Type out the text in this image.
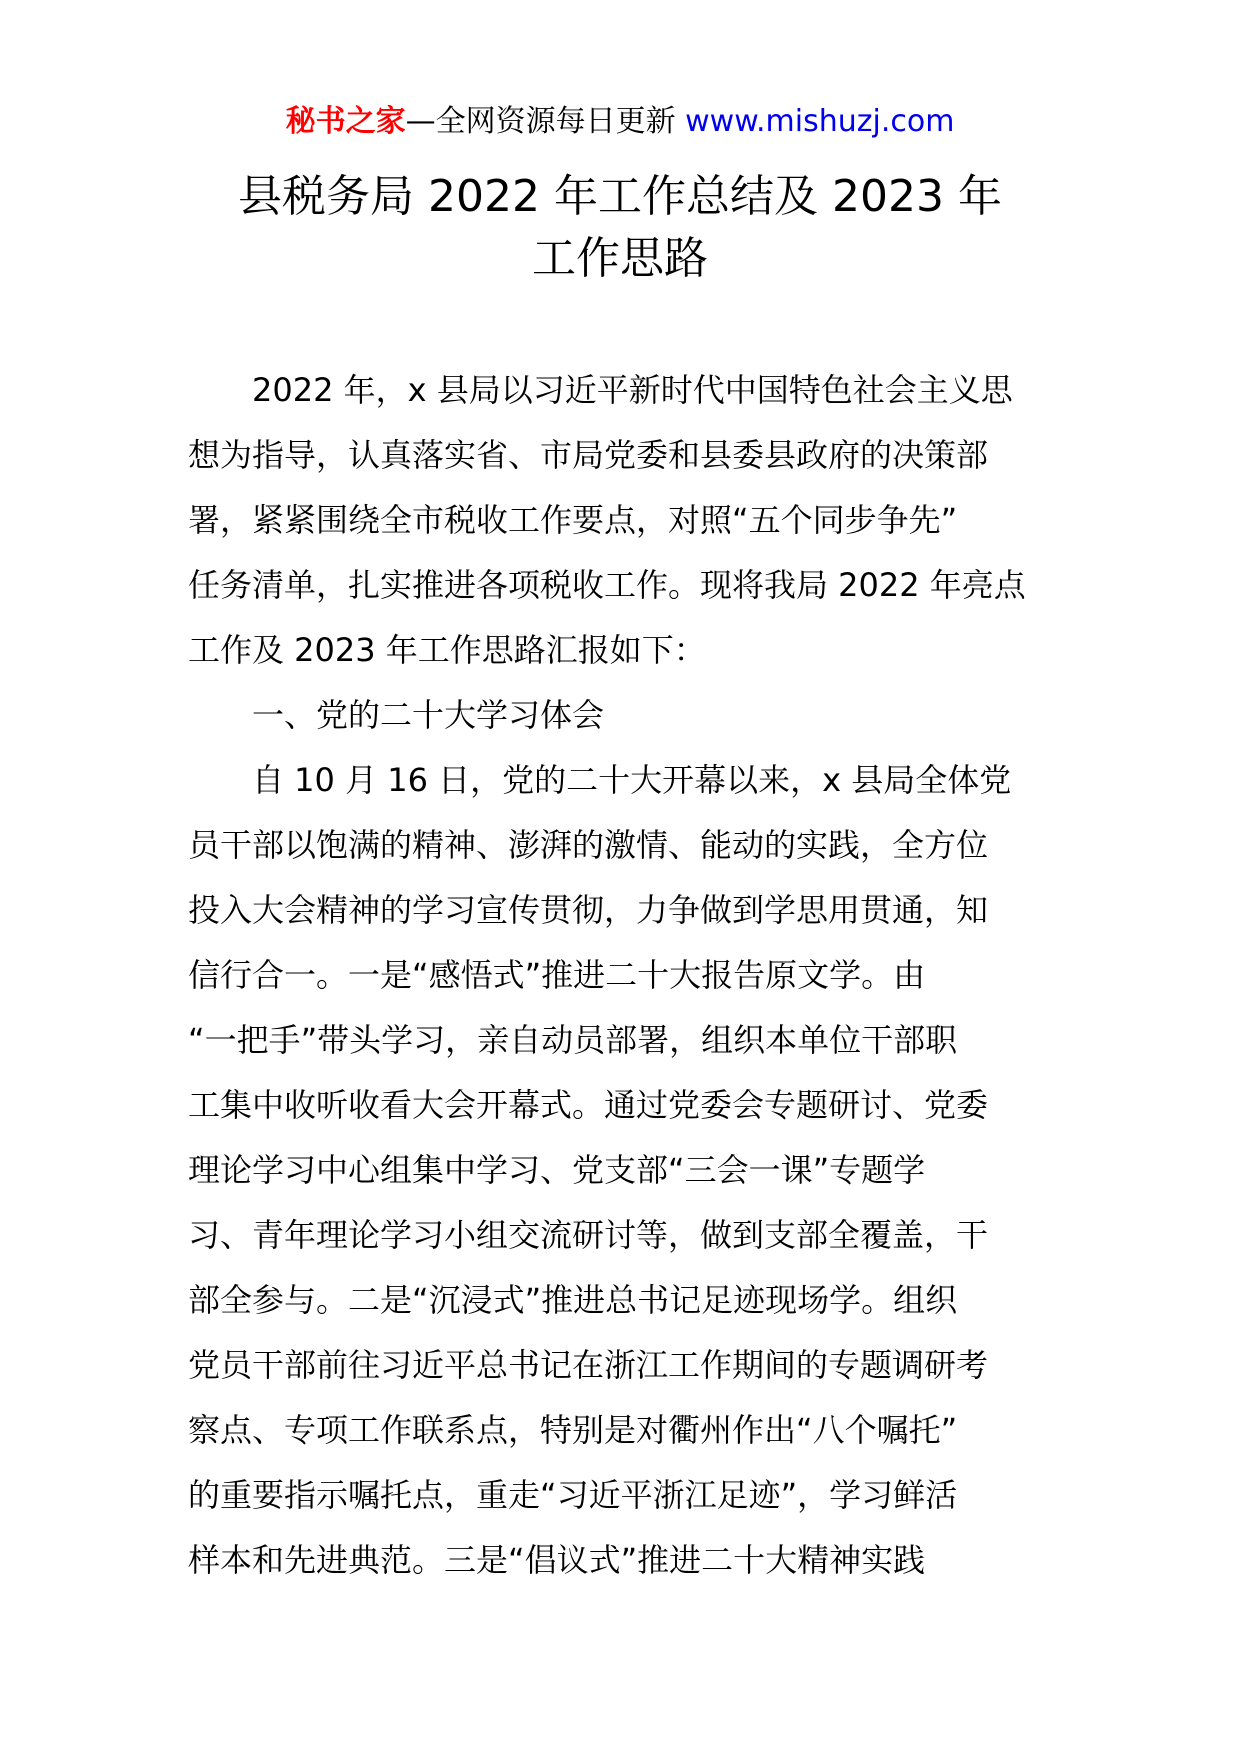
秘书之家—全网资源每日更新 www.mishuzj.com
县税务局 2022 年工作总结及 2023 年
工作思路
2022 年，x 县局以习近平新时代中国特色社会主义思
想为指导，认真落实省、市局党委和县委县政府的决策部
署，紧紧围绕全市税收工作要点，对照“五个同步争先”
任务清单，扎实推进各项税收工作。现将我局 2022 年亮点
工作及 2023 年工作思路汇报如下：
一、党的二十大学习体会
自 10 月 16 日，党的二十大开幕以来，x 县局全体党
员干部以饱满的精神、澎湃的激情、能动的实践，全方位
投入大会精神的学习宣传贯彻，力争做到学思用贯通，知
信行合一。一是“感悟式”推进二十大报告原文学。由
“一把手”带头学习，亲自动员部署，组织本单位干部职
工集中收听收看大会开幕式。通过党委会专题研讨、党委
理论学习中心组集中学习、党支部“三会一课”专题学
习、青年理论学习小组交流研讨等，做到支部全覆盖，干
部全参与。二是“沉浸式”推进总书记足迹现场学。组织
党员干部前往习近平总书记在浙江工作期间的专题调研考
察点、专项工作联系点，特别是对衢州作出“八个嘱托”
的重要指示嘱托点，重走“习近平浙江足迹”，学习鲜活
样本和先进典范。三是“倡议式”推进二十大精神实践
